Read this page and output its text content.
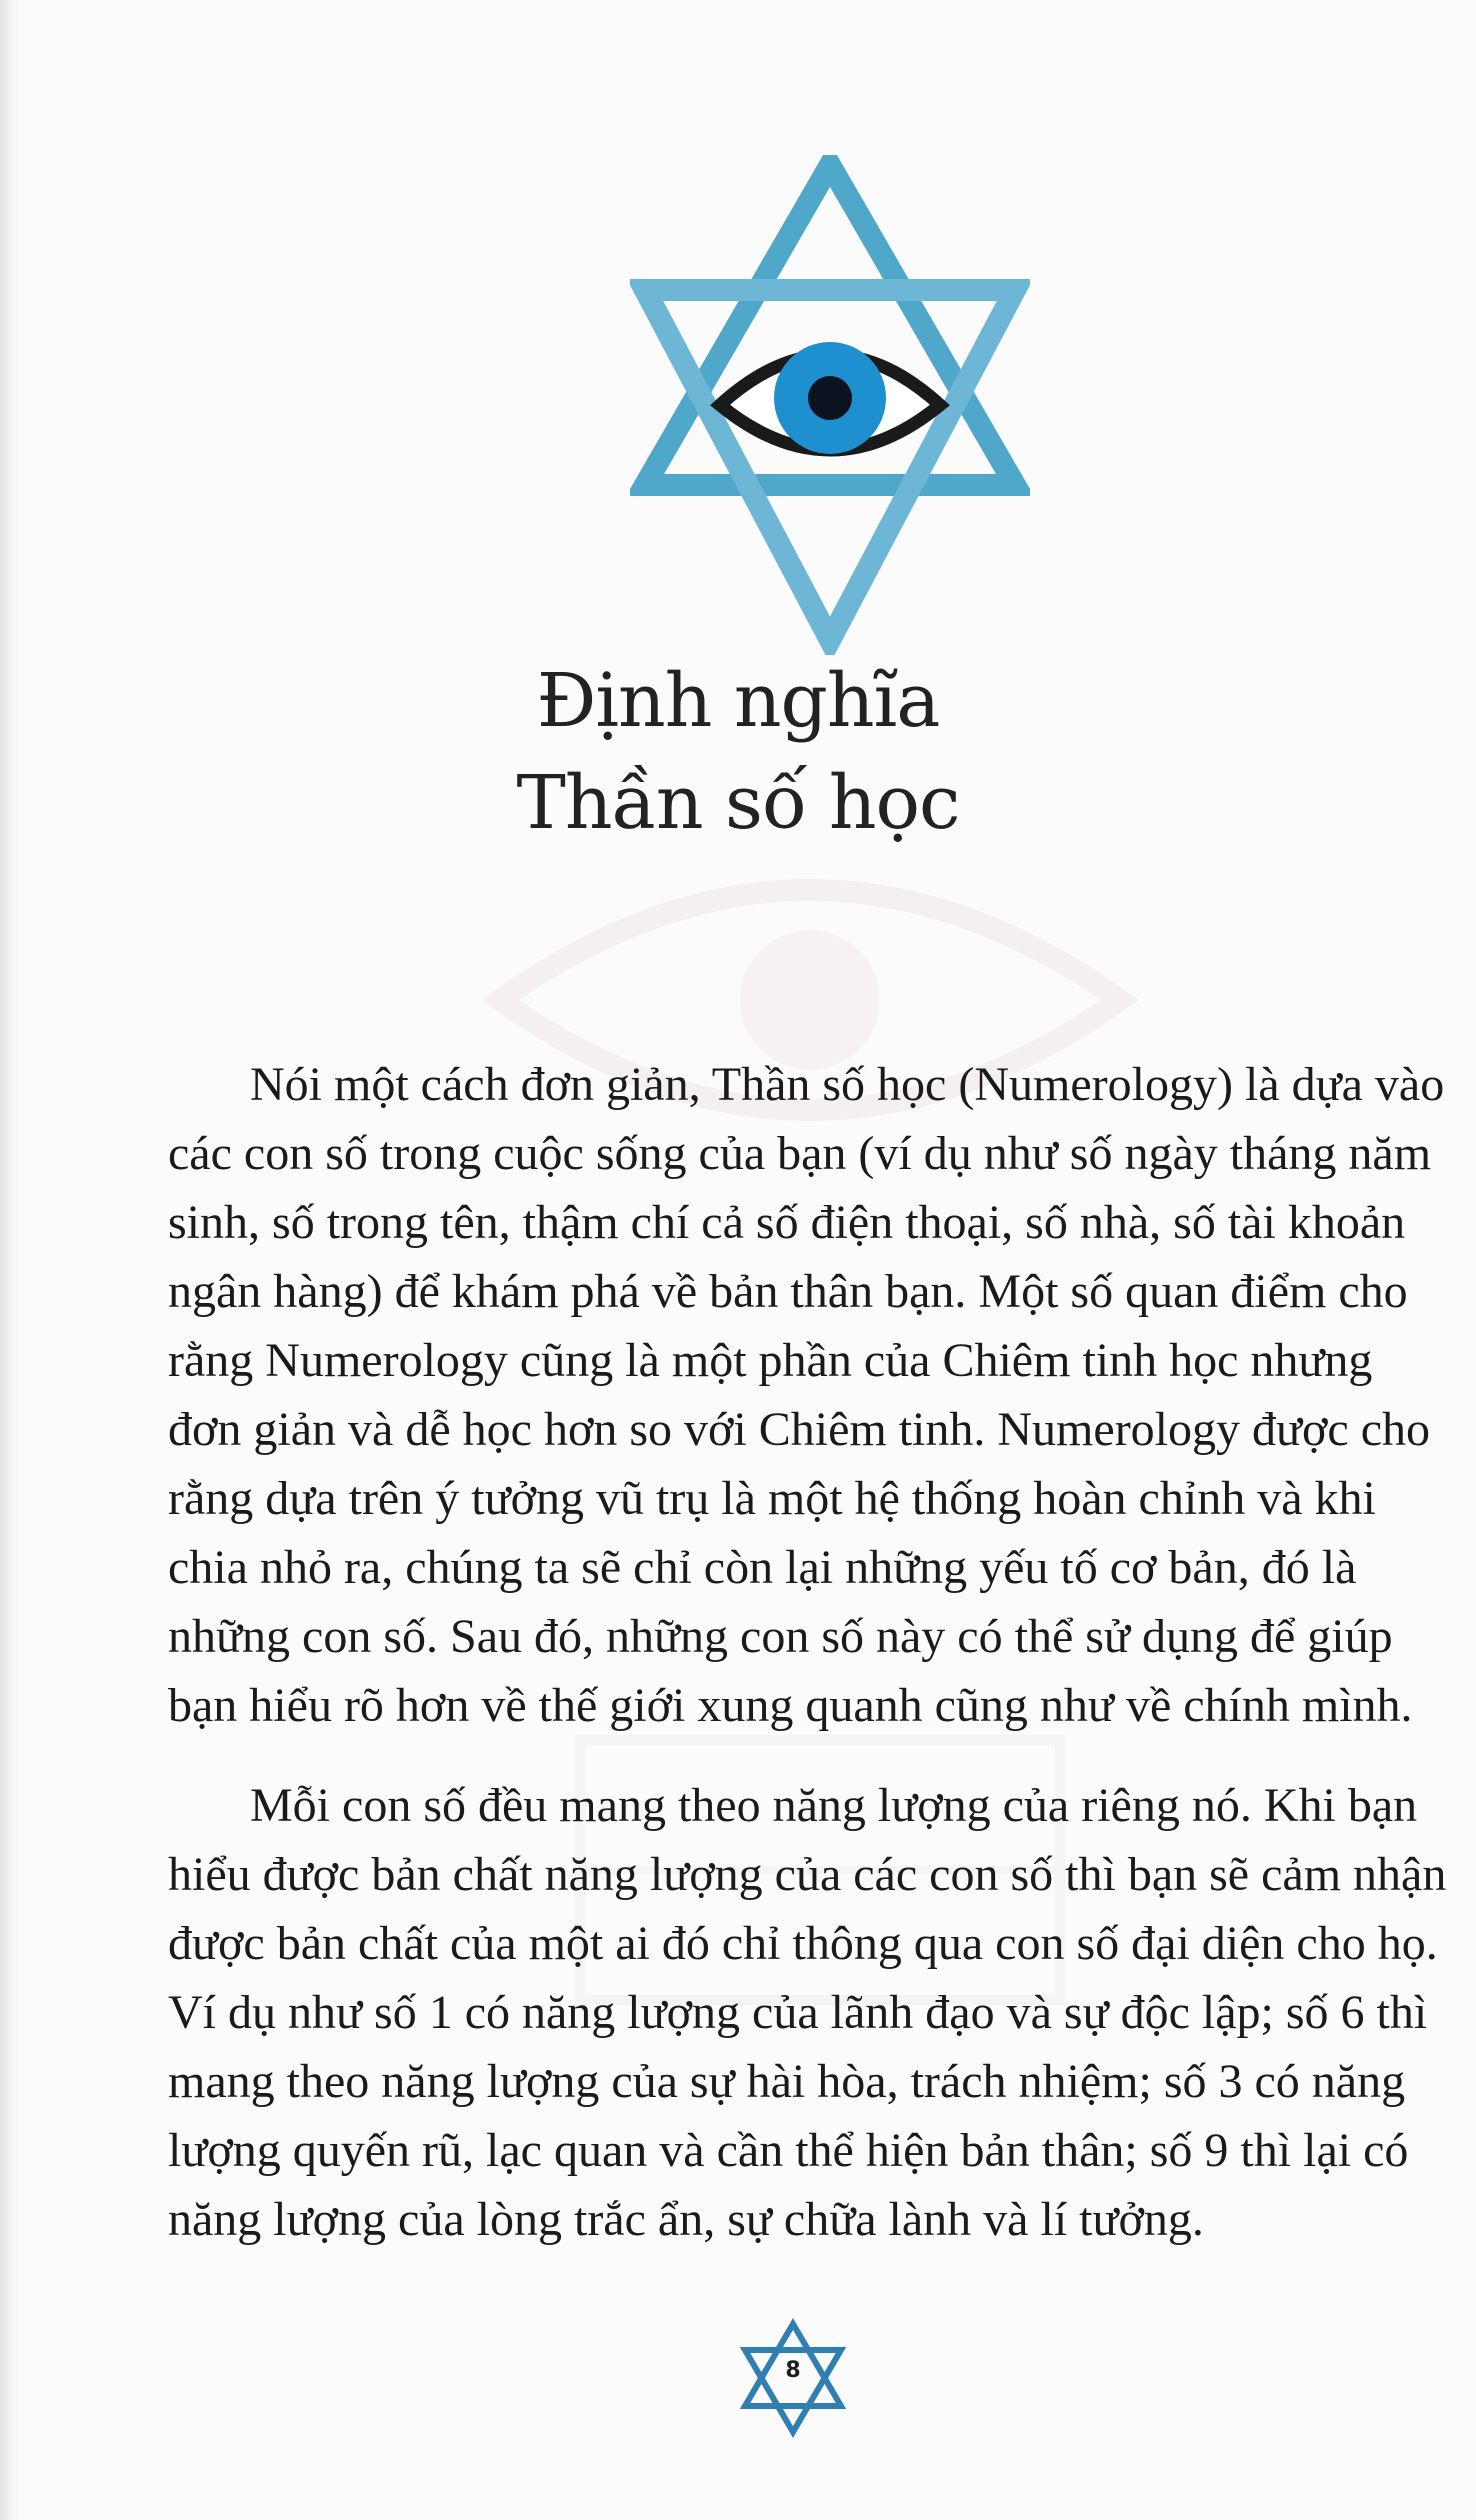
Định nghĩa
Thần số học

Nói một cách đơn giản, Thần số học (Numerology) là dựa vào
các con số trong cuộc sống của bạn (ví dụ như số ngày tháng năm
sinh, số trong tên, thậm chí cả số điện thoại, số nhà, số tài khoản
ngân hàng) để khám phá về bản thân bạn. Một số quan điểm cho
rằng Numerology cũng là một phần của Chiêm tinh học nhưng
đơn giản và dễ học hơn so với Chiêm tinh. Numerology được cho
rằng dựa trên ý tưởng vũ trụ là một hệ thống hoàn chỉnh và khi
chia nhỏ ra, chúng ta sẽ chỉ còn lại những yếu tố cơ bản, đó là
những con số. Sau đó, những con số này có thể sử dụng để giúp
bạn hiểu rõ hơn về thế giới xung quanh cũng như về chính mình.

Mỗi con số đều mang theo năng lượng của riêng nó. Khi bạn
hiểu được bản chất năng lượng của các con số thì bạn sẽ cảm nhận
được bản chất của một ai đó chỉ thông qua con số đại diện cho họ.
Ví dụ như số 1 có năng lượng của lãnh đạo và sự độc lập; số 6 thì
mang theo năng lượng của sự hài hòa, trách nhiệm; số 3 có năng
lượng quyến rũ, lạc quan và cần thể hiện bản thân; số 9 thì lại có
năng lượng của lòng trắc ẩn, sự chữa lành và lí tưởng.

8
